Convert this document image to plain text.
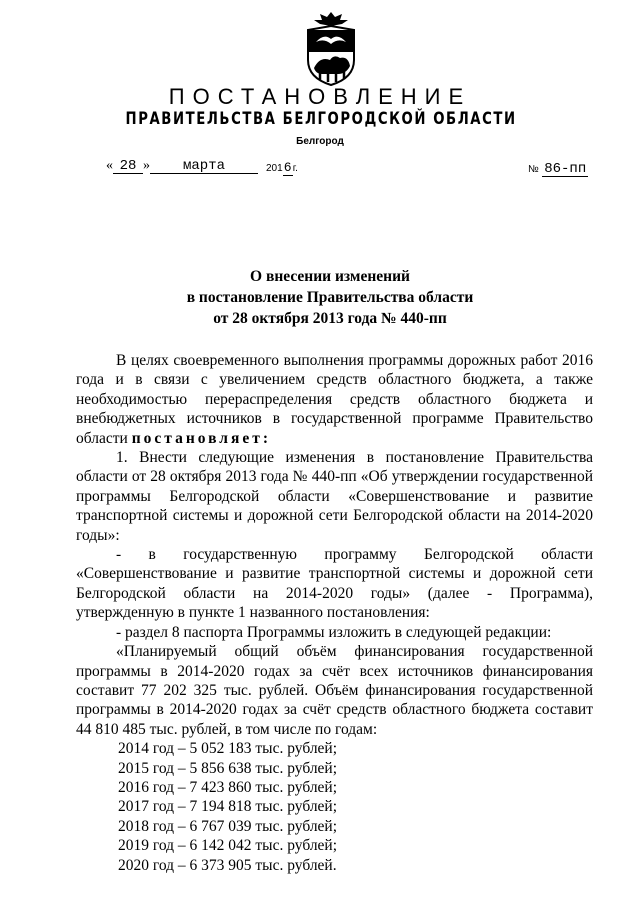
ПОСТАНОВЛЕНИЕ
ПРАВИТЕЛЬСТВА БЕЛГОРОДСКОЙ ОБЛАСТИ
Белгород
« 28 »	марта	2016г.	№ 86-пп
О внесении изменений
в постановление Правительства области
от 28 октября 2013 года № 440-пп

В целях своевременного выполнения программы дорожных работ 2016 года и в связи с увеличением средств областного бюджета, а также необходимостью перераспределения средств областного бюджета и внебюджетных источников в государственной программе Правительство области постановляет:

1. Внести следующие изменения в постановление Правительства области от 28 октября 2013 года № 440-пп «Об утверждении государственной программы Белгородской области «Совершенствование и развитие транспортной системы и дорожной сети Белгородской области на 2014-2020 годы»:

- в государственную программу Белгородской области «Совершенствование и развитие транспортной системы и дорожной сети Белгородской области на 2014-2020 годы» (далее - Программа), утвержденную в пункте 1 названного постановления:

- раздел 8 паспорта Программы изложить в следующей редакции:

«Планируемый общий объём финансирования государственной программы в 2014-2020 годах за счёт всех источников финансирования составит 77 202 325 тыс. рублей. Объём финансирования государственной программы в 2014-2020 годах за счёт средств областного бюджета составит 44 810 485 тыс. рублей, в том числе по годам:

2014 год – 5 052 183 тыс. рублей;
2015 год – 5 856 638 тыс. рублей;
2016 год – 7 423 860 тыс. рублей;
2017 год – 7 194 818 тыс. рублей;
2018 год – 6 767 039 тыс. рублей;
2019 год – 6 142 042 тыс. рублей;
2020 год – 6 373 905 тыс. рублей.
